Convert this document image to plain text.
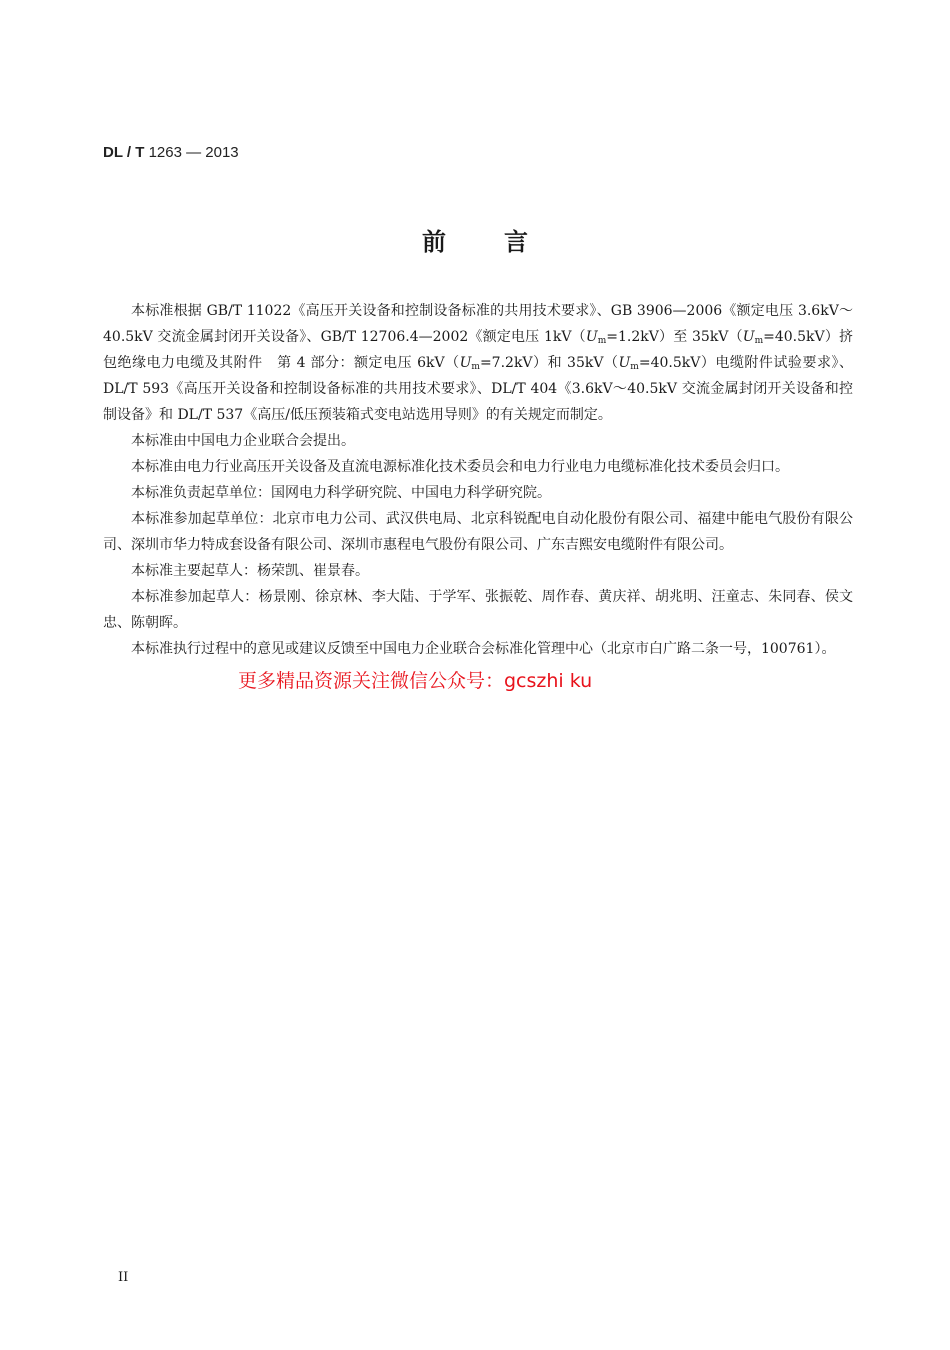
DL / T 1263 — 2013

前言

本标准根据 GB/T 11022《高压开关设备和控制设备标准的共用技术要求》、GB 3906—2006《额定电压 3.6kV～40.5kV 交流金属封闭开关设备》、GB/T 12706.4—2002《额定电压 $1kV(U_m=1.2kV)$至 $35kV(U_m=40.5kV)$挤包绝缘电力电缆及其附件　第 4 部分：额定电压 $6kV(U_m=7.2kV)$和 $35kV(U_m=40.5kV)$电缆附件试验要求》、DL/T 593《高压开关设备和控制设备标准的共用技术要求》、DL/T 404《3.6kV～40.5kV 交流金属封闭开关设备和控制设备》和 DL/T 537《高压/低压预装箱式变电站选用导则》的有关规定而制定。

本标准由中国电力企业联合会提出。

本标准由电力行业高压开关设备及直流电源标准化技术委员会和电力行业电力电缆标准化技术委员会归口。

本标准负责起草单位：国网电力科学研究院、中国电力科学研究院。

本标准参加起草单位：北京市电力公司、武汉供电局、北京科锐配电自动化股份有限公司、福建中能电气股份有限公司、深圳市华力特成套设备有限公司、深圳市惠程电气股份有限公司、广东吉熙安电缆附件有限公司。

本标准主要起草人：杨荣凯、崔景春。

本标准参加起草人：杨景刚、徐京林、李大陆、于学军、张振乾、周作春、黄庆祥、胡兆明、汪童志、朱同春、侯文忠、陈朝晖。

本标准执行过程中的意见或建议反馈至中国电力企业联合会标准化管理中心（北京市白广路二条一号，100761）。

更多精品资源关注微信公众号：gcszhi ku

II
